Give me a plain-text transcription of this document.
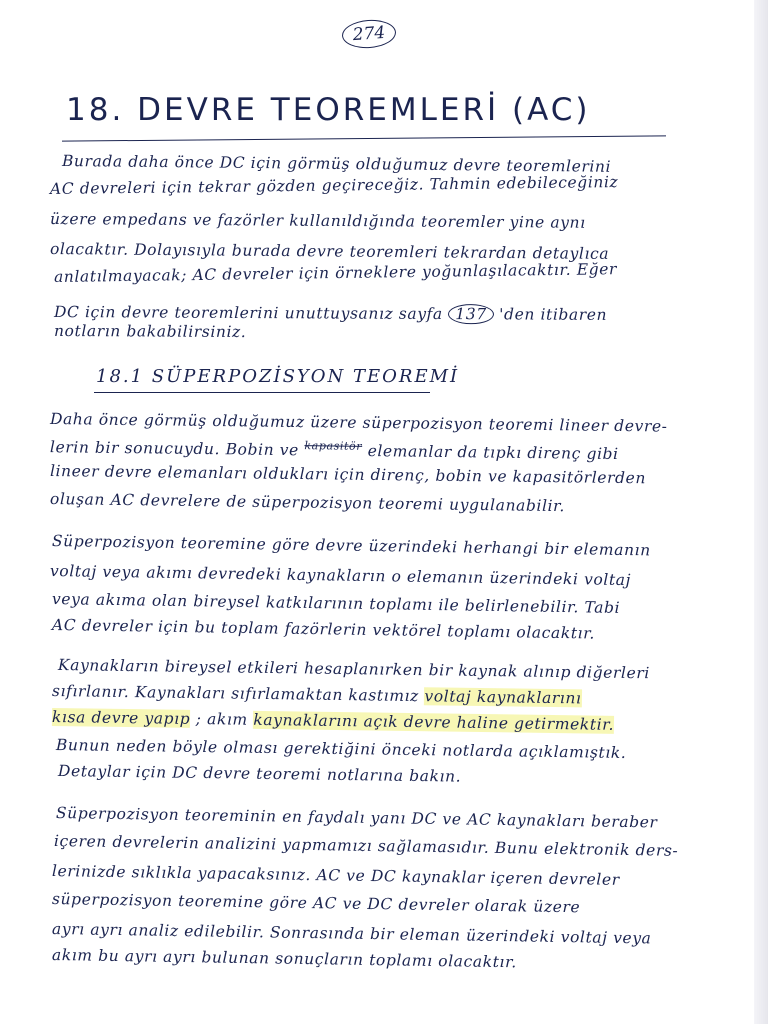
274
18. DEVRE TEOREMLERİ (AC)
Burada daha önce DC için görmüş olduğumuz devre teoremlerini
AC devreleri için tekrar gözden geçireceğiz. Tahmin edebileceğiniz
üzere empedans ve fazörler kullanıldığında teoremler yine aynı
olacaktır. Dolayısıyla burada devre teoremleri tekrardan detaylıca
anlatılmayacak; AC devreler için örneklere yoğunlaşılacaktır. Eğer
DC için devre teoremlerini unuttuysanız sayfa 137 'den itibaren
notların bakabilirsiniz.
18.1 SÜPERPOZİSYON TEOREMİ
Daha önce görmüş olduğumuz üzere süperpozisyon teoremi lineer devre-
lerin bir sonucuydu. Bobin ve $^{kapasitör}$ elemanlar da tıpkı direnç gibi
lineer devre elemanları oldukları için direnç, bobin ve kapasitörlerden
oluşan AC devrelere de süperpozisyon teoremi uygulanabilir.
Süperpozisyon teoremine göre devre üzerindeki herhangi bir elemanın
voltaj veya akımı devredeki kaynakların o elemanın üzerindeki voltaj
veya akıma olan bireysel katkılarının toplamı ile belirlenebilir. Tabi
AC devreler için bu toplam fazörlerin vektörel toplamı olacaktır.
Kaynakların bireysel etkileri hesaplanırken bir kaynak alınıp diğerleri
sıfırlanır. Kaynakları sıfırlamaktan kastımız voltaj kaynaklarını
kısa devre yapıp ; akım kaynaklarını açık devre haline getirmektir.
Bunun neden böyle olması gerektiğini önceki notlarda açıklamıştık.
Detaylar için DC devre teoremi notlarına bakın.
Süperpozisyon teoreminin en faydalı yanı DC ve AC kaynakları beraber
içeren devrelerin analizini yapmamızı sağlamasıdır. Bunu elektronik ders-
lerinizde sıklıkla yapacaksınız. AC ve DC kaynaklar içeren devreler
süperpozisyon teoremine göre AC ve DC devreler olarak üzere
ayrı ayrı analiz edilebilir. Sonrasında bir eleman üzerindeki voltaj veya
akım bu ayrı ayrı bulunan sonuçların toplamı olacaktır.
